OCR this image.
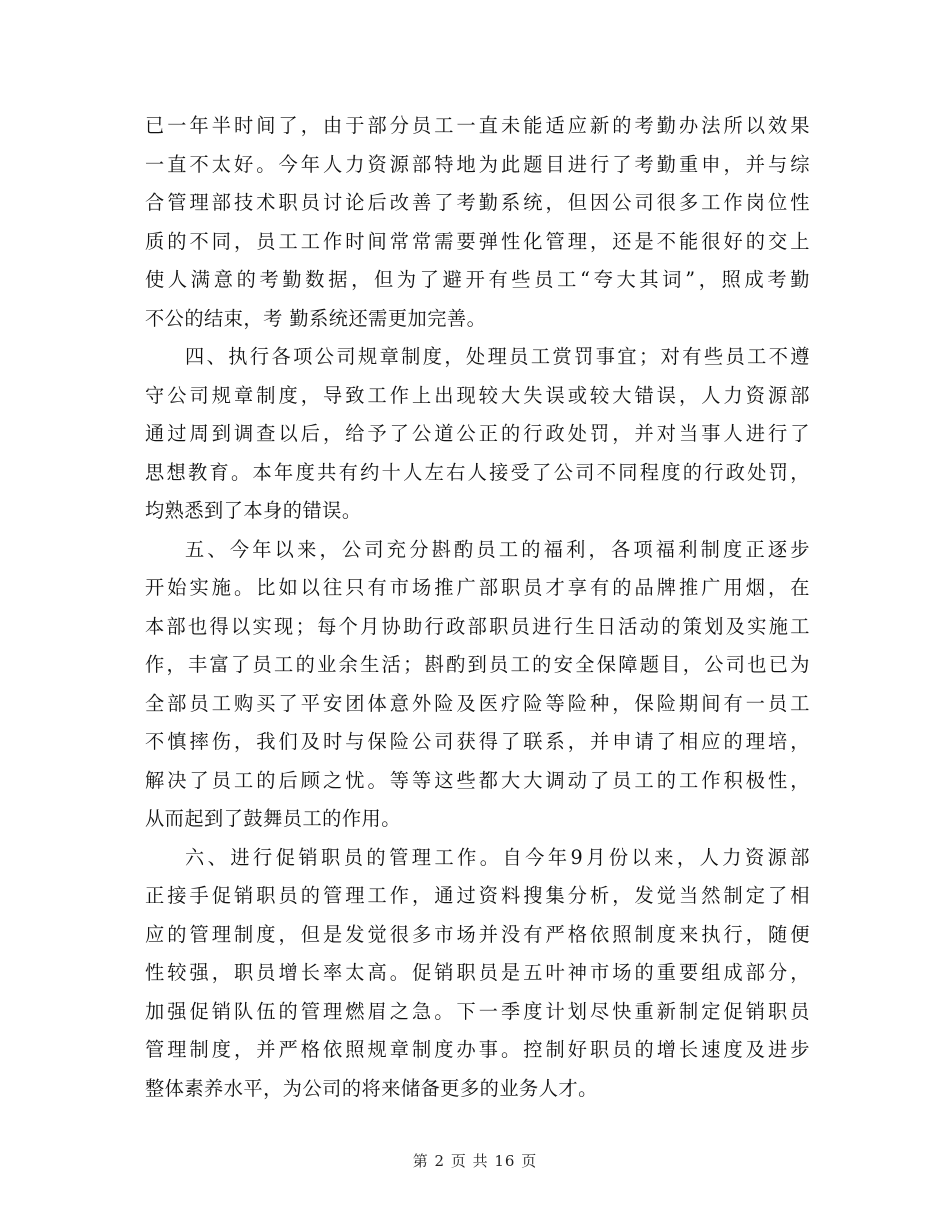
已一年半时间了，由于部分员工一直未能适应新的考勤办法所以效果
一直不太好。今年人力资源部特地为此题目进行了考勤重申，并与综
合管理部技术职员讨论后改善了考勤系统，但因公司很多工作岗位性
质的不同，员工工作时间常常需要弹性化管理，还是不能很好的交上
使人满意的考勤数据，但为了避开有些员工“夸大其词”，照成考勤
不公的结束，考 勤系统还需更加完善。
四、执行各项公司规章制度，处理员工赏罚事宜；对有些员工不遵
守公司规章制度，导致工作上出现较大失误或较大错误，人力资源部
通过周到调查以后，给予了公道公正的行政处罚，并对当事人进行了
思想教育。本年度共有约十人左右人接受了公司不同程度的行政处罚，
均熟悉到了本身的错误。
五、今年以来，公司充分斟酌员工的福利，各项福利制度正逐步
开始实施。比如以往只有市场推广部职员才享有的品牌推广用烟，在
本部也得以实现；每个月协助行政部职员进行生日活动的策划及实施工
作，丰富了员工的业余生活；斟酌到员工的安全保障题目，公司也已为
全部员工购买了平安团体意外险及医疗险等险种，保险期间有一员工
不慎摔伤，我们及时与保险公司获得了联系，并申请了相应的理培，
解决了员工的后顾之忧。等等这些都大大调动了员工的工作积极性，
从而起到了鼓舞员工的作用。
六、进行促销职员的管理工作。自今年9月份以来，人力资源部
正接手促销职员的管理工作，通过资料搜集分析，发觉当然制定了相
应的管理制度，但是发觉很多市场并没有严格依照制度来执行，随便
性较强，职员增长率太高。促销职员是五叶神市场的重要组成部分，
加强促销队伍的管理燃眉之急。下一季度计划尽快重新制定促销职员
管理制度，并严格依照规章制度办事。控制好职员的增长速度及进步
整体素养水平，为公司的将来储备更多的业务人才。
第 2 页 共 16 页
